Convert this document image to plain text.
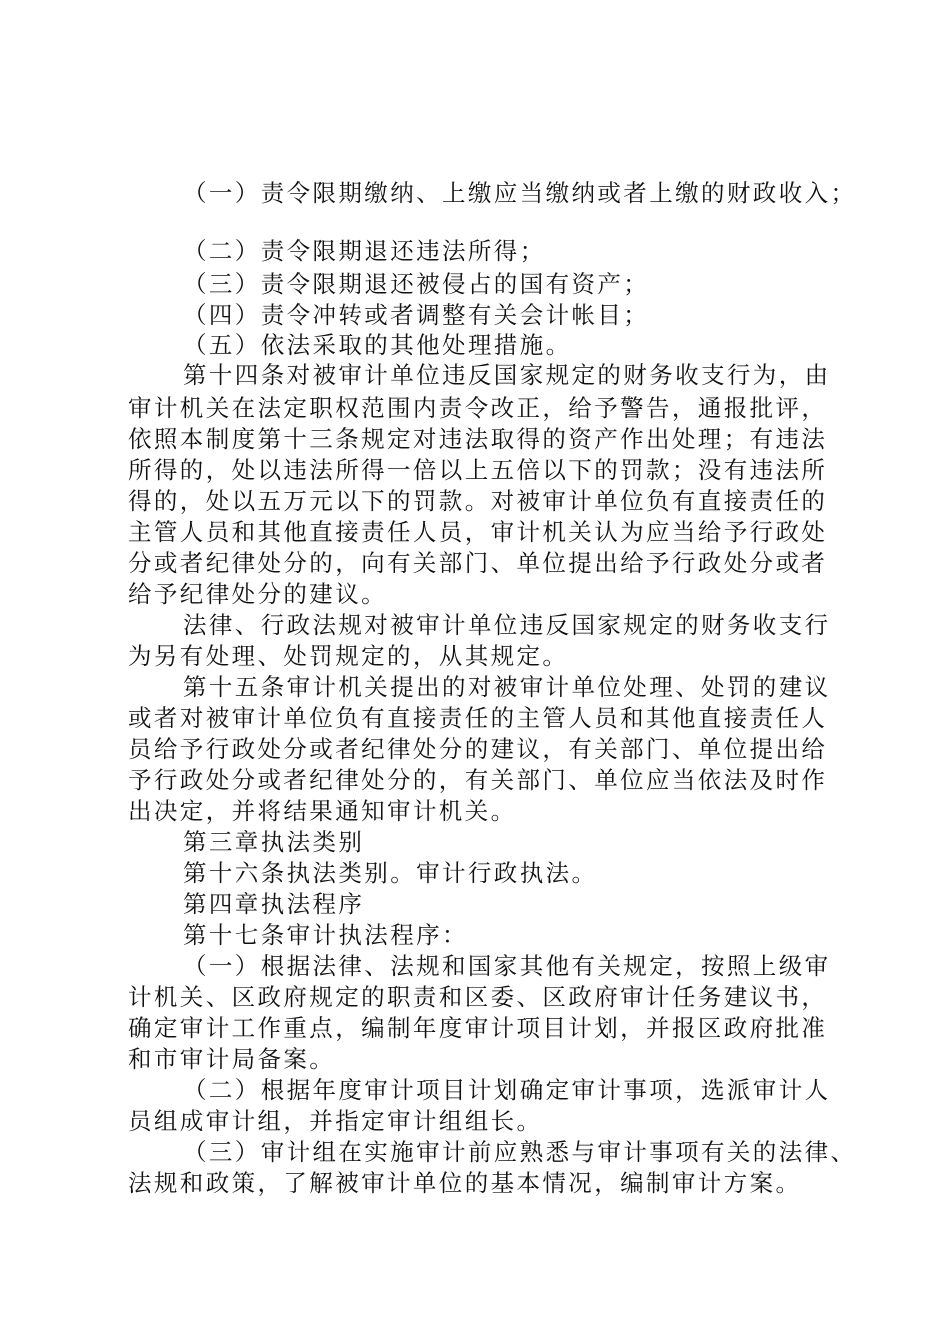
（一）责令限期缴纳、上缴应当缴纳或者上缴的财政收入；
（二）责令限期退还违法所得；
（三）责令限期退还被侵占的国有资产；
（四）责令冲转或者调整有关会计帐目；
（五）依法采取的其他处理措施。
第十四条对被审计单位违反国家规定的财务收支行为，由
审计机关在法定职权范围内责令改正，给予警告，通报批评，
依照本制度第十三条规定对违法取得的资产作出处理；有违法
所得的，处以违法所得一倍以上五倍以下的罚款；没有违法所
得的，处以五万元以下的罚款。对被审计单位负有直接责任的
主管人员和其他直接责任人员，审计机关认为应当给予行政处
分或者纪律处分的，向有关部门、单位提出给予行政处分或者
给予纪律处分的建议。
法律、行政法规对被审计单位违反国家规定的财务收支行
为另有处理、处罚规定的，从其规定。
第十五条审计机关提出的对被审计单位处理、处罚的建议
或者对被审计单位负有直接责任的主管人员和其他直接责任人
员给予行政处分或者纪律处分的建议，有关部门、单位提出给
予行政处分或者纪律处分的，有关部门、单位应当依法及时作
出决定，并将结果通知审计机关。
第三章执法类别
第十六条执法类别。审计行政执法。
第四章执法程序
第十七条审计执法程序：
（一）根据法律、法规和国家其他有关规定，按照上级审
计机关、区政府规定的职责和区委、区政府审计任务建议书，
确定审计工作重点，编制年度审计项目计划，并报区政府批准
和市审计局备案。
（二）根据年度审计项目计划确定审计事项，选派审计人
员组成审计组，并指定审计组组长。
（三）审计组在实施审计前应熟悉与审计事项有关的法律、
法规和政策，了解被审计单位的基本情况，编制审计方案。
